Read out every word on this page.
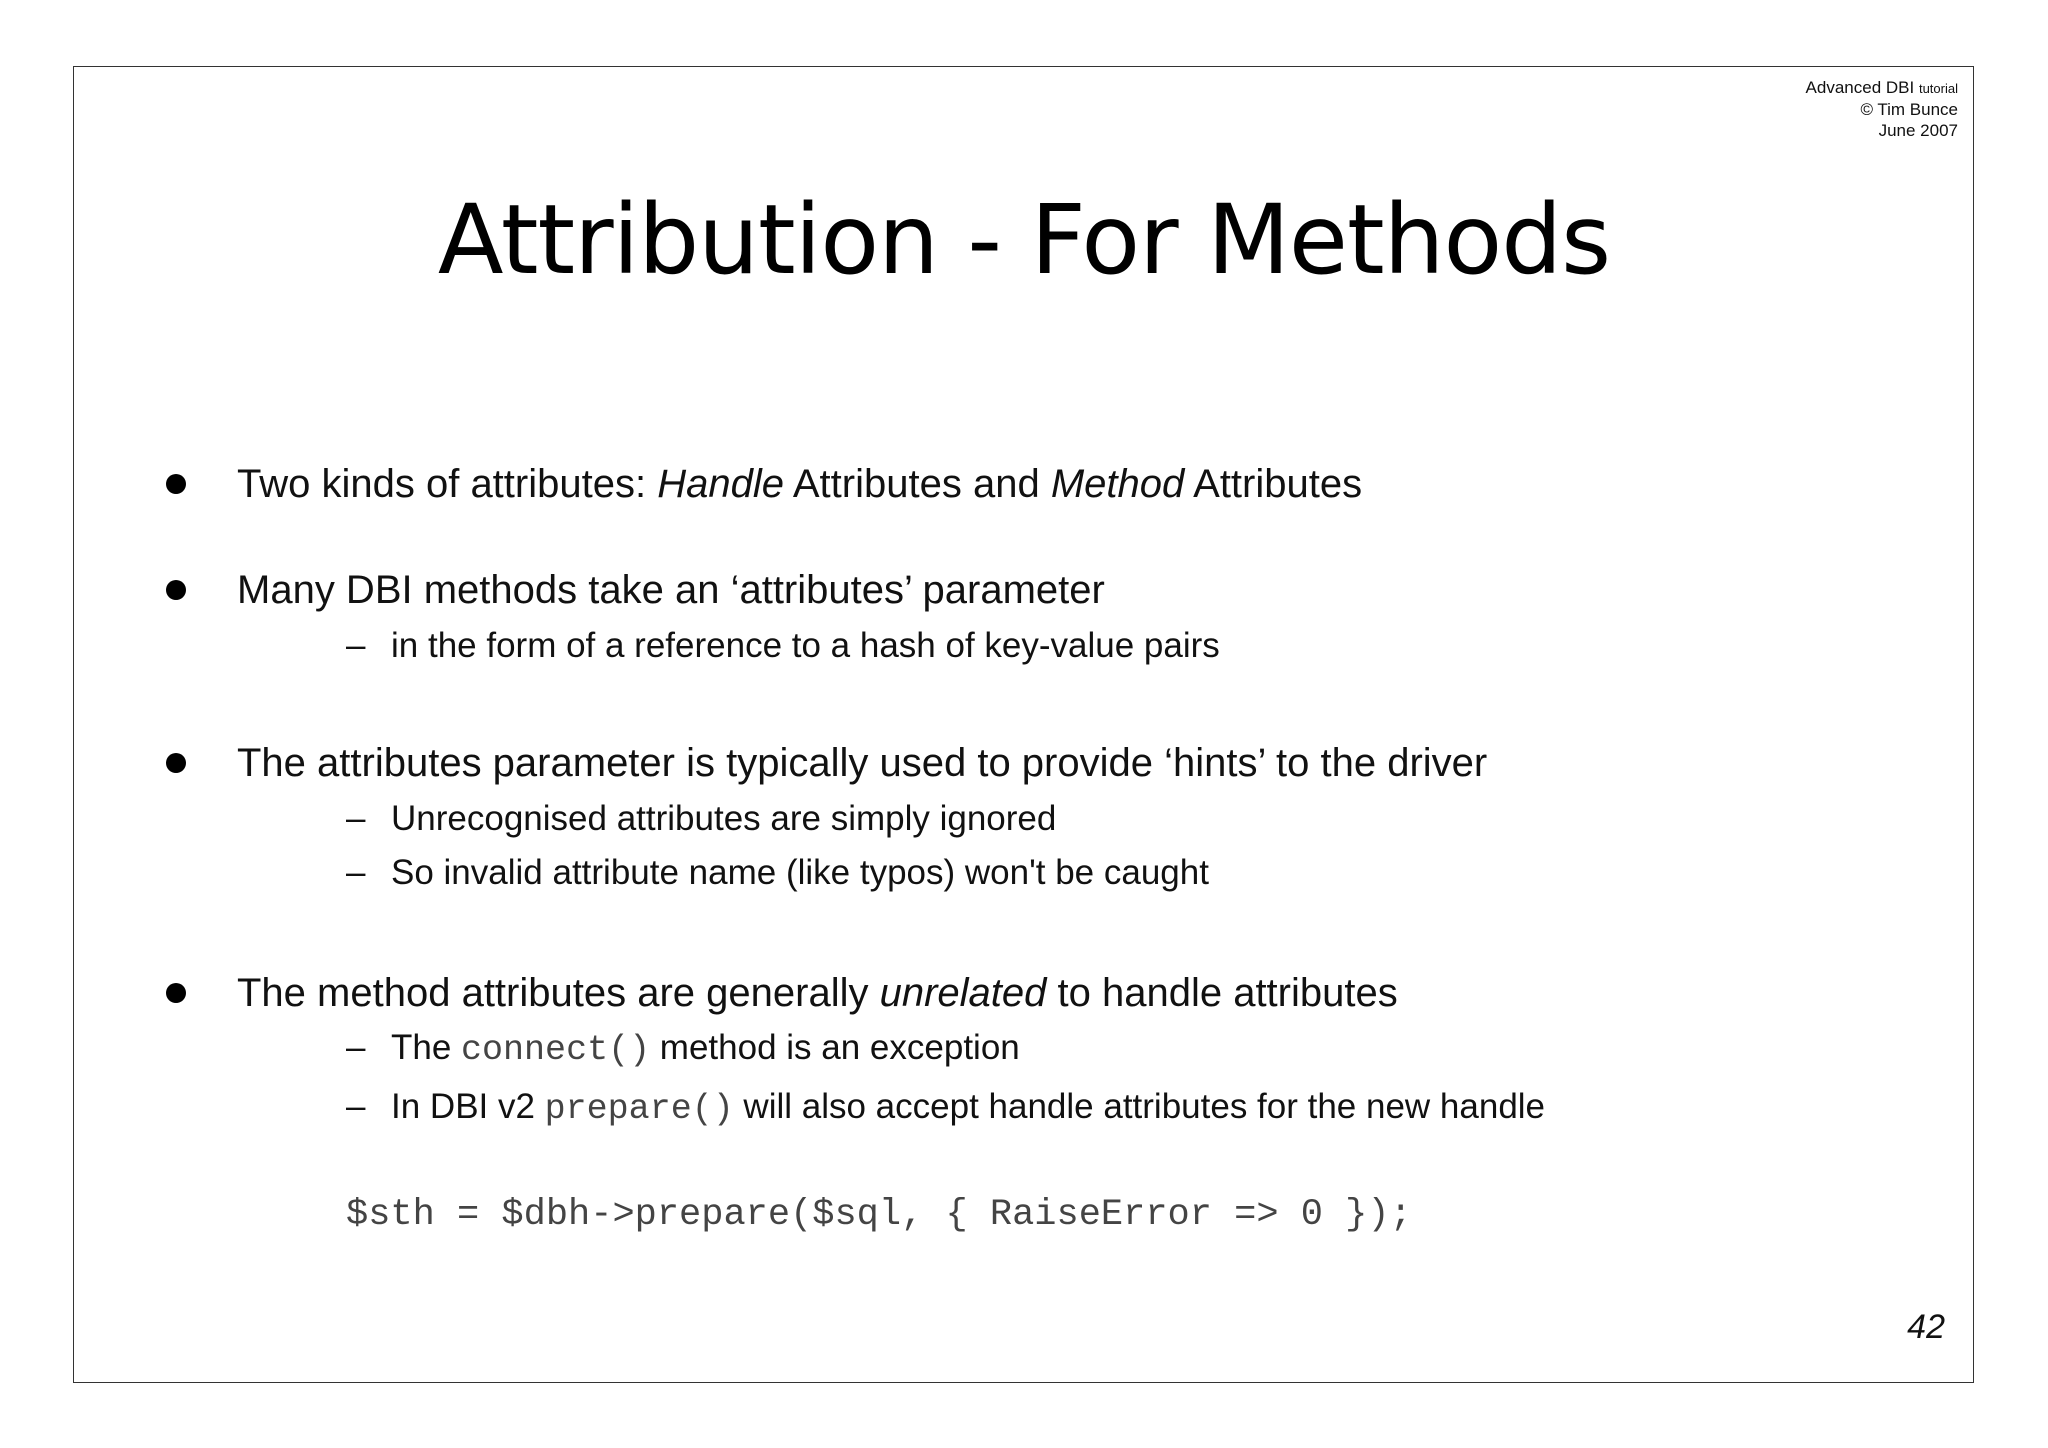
Advanced DBI tutorial
© Tim Bunce
June 2007
Attribution - For Methods
Two kinds of attributes: Handle Attributes and Method Attributes
Many DBI methods take an ‘attributes’ parameter
– in the form of a reference to a hash of key-value pairs
The attributes parameter is typically used to provide ‘hints’ to the driver
– Unrecognised attributes are simply ignored
– So invalid attribute name (like typos) won't be caught
The method attributes are generally unrelated to handle attributes
– The connect() method is an exception
– In DBI v2 prepare() will also accept handle attributes for the new handle
$sth = $dbh->prepare($sql, { RaiseError => 0 });
42
